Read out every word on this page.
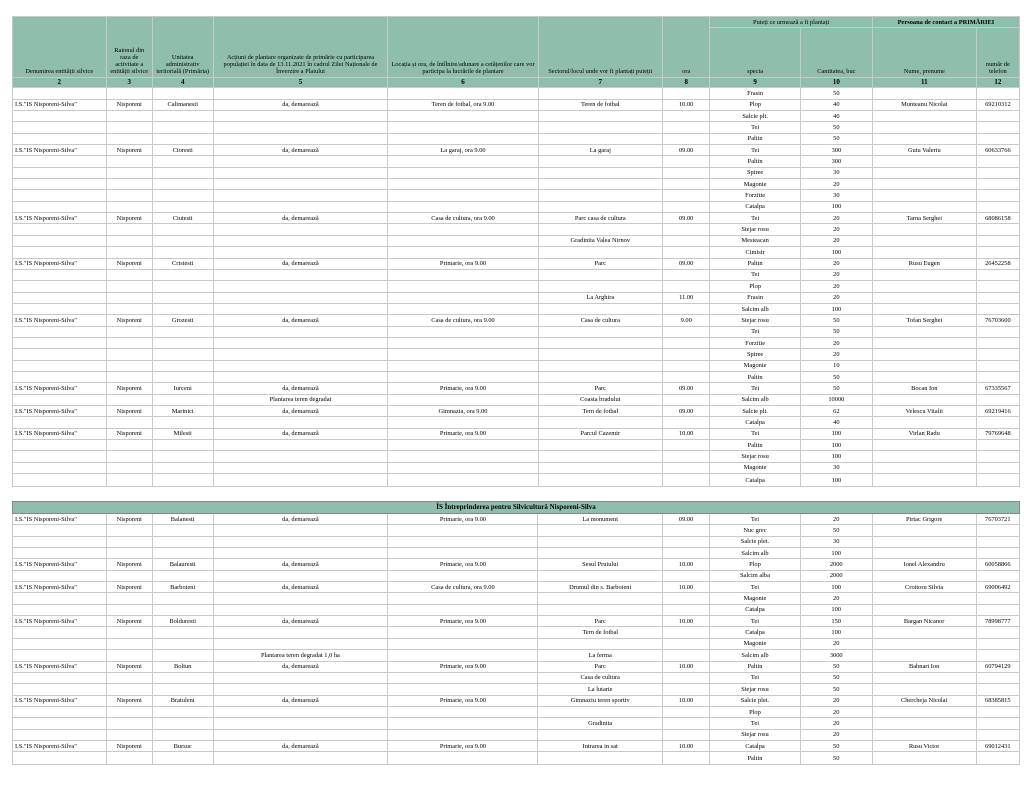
Denumirea entității silvice	Raionul din raza de activitate a entității silvice	Unitatea administrativ teritorială (Primăria)	Acțiuni de plantare organizate de primărie cu participarea populației în data de 13.11.2021 în cadrul Zilei Naționale de Înverzire a Plaiului	Locația și ora, de întîlnire/adunare a cetățenilor care vor participa la lucrările de plantare	Sectorul/locul unde vor fi plantați puieții	ora	Puieți ce urmează a fi plantați		Persoana de contact a PRIMĂRIEI	
							specia	Cantitatea, buc	Nume, prenume	număr de telefon
2	3	4	5	6	7	8	9	10	11	12
							Frasin	50		
I.S."IS Nisporeni-Silva"	Nisporeni	Calimanesti	da, demarează	Teren de fotbal, ora 9.00	Teren de fotbal	10.00	Plop	40	Munteanu Nicolai	69210312
							Salcie plt.	40		
							Tei	50		
							Paltin	50		
I.S."IS Nisporeni-Silva"	Nisporeni	Cioresti	da, demarează	La garaj, ora 9.00	La garaj	09.00	Tei	300	Gutu Valeriu	60633766
							Paltin	300		
							Spiree	30		
							Magonie	20		
							Forzitie	30		
							Catalpa	100		
I.S."IS Nisporeni-Silva"	Nisporeni	Ciutesti	da, demarează	Casa de cultura, ora 9.00	Parc casa de cultura	09.00	Tei	20	Tarna Serghei	68086158
							Stejar rosu	20		
					Gradinita Valea Nirnov		Mesteacan	20		
							Cimisir	100		
I.S."IS Nisporeni-Silva"	Nisporeni	Cristesti	da, demarează	Primarie, ora 9.00	Parc	09.00	Paltin	20	Rusu Eugen	26452258
							Tei	20		
							Plop	20		
					La Arghira	11.00	Frasin	20		
							Salcim alb	100		
I.S."IS Nisporeni-Silva"	Nisporeni	Grozesti	da, demarează	Casa de cultura, ora 9.00	Casa de cultura	9.00	Stejar rosu	50	Tofan Serghei	76703600
							Tei	50		
							Forzitie	20		
							Spiree	20		
							Magonie	10		
							Paltin	50		
I.S."IS Nisporeni-Silva"	Nisporeni	Iurceni	da, demarează	Primarie, ora 9.00	Parc	09.00	Tei	50	Bocan Ion	67335567
			Plantarea teren degradat		Coasta bradului		Salcim alb	10000		
I.S."IS Nisporeni-Silva"	Nisporeni	Marinici	da, demarează	Gimnazia, ora 9.00	Tern de fotbal	09.00	Salcie plt.	62	Velescu Vitalii	69219416
							Catalpa	40		
I.S."IS Nisporeni-Silva"	Nisporeni	Milesti	da, demarează	Primarie, ora 9.00	Parcul Cazemir	10.00	Tei	100	Virlan Radu	79769648
							Paltin	100		
							Stejar rosu	100		
							Magonie	30		
							Catalpa	100		
ÎS Întreprinderea pentru Silvicultură Nisporeni-Silva										
I.S."IS Nisporeni-Silva"	Nisporeni	Balanesti	da, demarează	Primarie, ora 9.00	La monument	09.00	Tei	20	Pirtac Grigore	76703721
							Nuc grec	50		
							Salcie plet.	30		
							Salcim alb	100		
I.S."IS Nisporeni-Silva"	Nisporeni	Balauresti	da, demarează	Primarie, ora 9.00	Sesul Prutului	10.00	Plop	2000	Ionel Alexandru	60058866
							Salcim alba	2000		
I.S."IS Nisporeni-Silva"	Nisporeni	Barboieni	da, demarează	Casa de cultura, ora 9.00	Drumul din s. Barboieni	10.00	Tei	100	Croitoru Silvia	69006492
							Magonie	20		
							Catalpa	100		
I.S."IS Nisporeni-Silva"	Nisporeni	Bolduresti	da, demarează	Primarie, ora 9.00	Parc	10.00	Tei	150	Bargan Nicanor	78998777
					Tern de fotbal		Catalpa	100		
							Magonie	20		
			Plantarea teren degradat 1,0 ha		La ferma		Salcim alb	3000		
I.S."IS Nisporeni-Silva"	Nisporeni	Boltun	da, demarează	Primarie, ora 9.00	Parc	10.00	Paltin	50	Bahnari Ion	60794129
					Casa de cultura		Tei	50		
					La lutarie		Stejar rosu	50		
I.S."IS Nisporeni-Silva"	Nisporeni	Bratuleni	da, demarează	Primarie, ora 9.00	Gimnaziu teren sportiv	10.00	Salcie plet.	20	Chercheja Nicolai	68385815
							Plop	20		
					Gradinita		Tei	20		
							Stejar rosu	20		
I.S."IS Nisporeni-Silva"	Nisporeni	Bursuc	da, demarează	Primarie, ora 9.00	Intrarea in sat	10.00	Catalpa	50	Rusu Victor	69012431
							Paltin	50		
